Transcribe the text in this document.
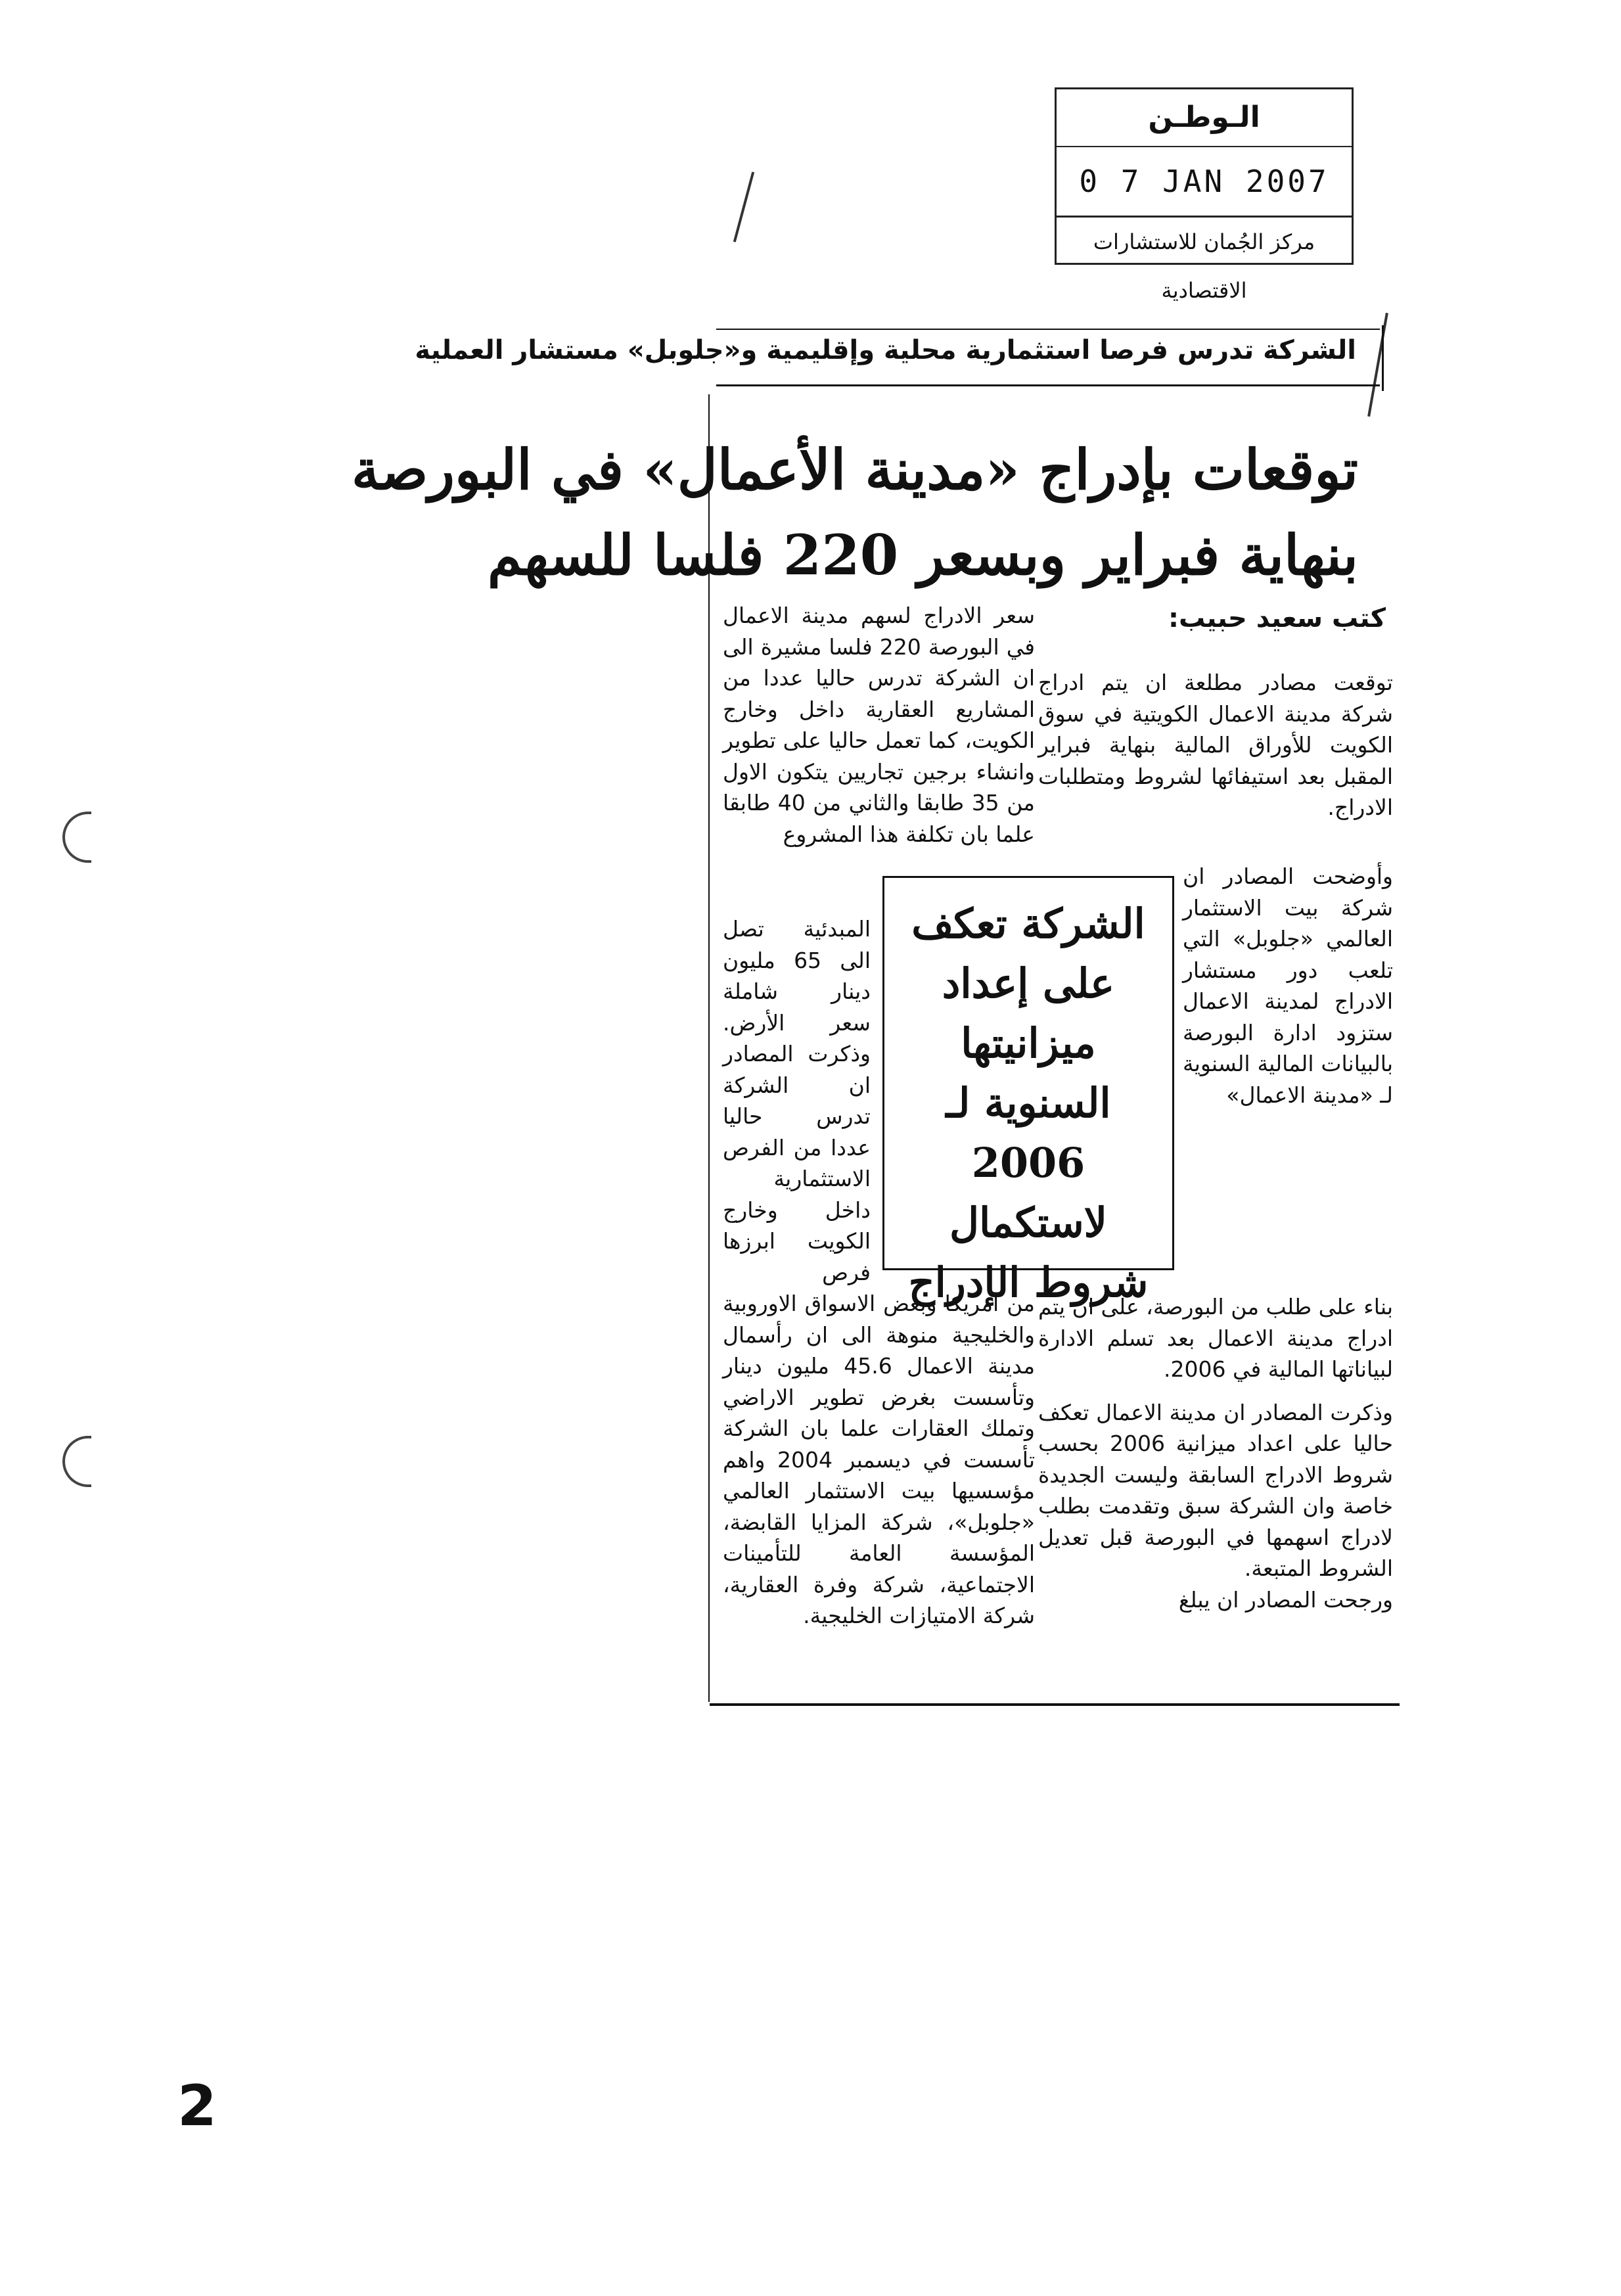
الـوطـن
0 7 JAN 2007
مركز الجُمان للاستشارات الاقتصادية
الشركة تدرس فرصا استثمارية محلية وإقليمية و«جلوبل» مستشار العملية
توقعات بإدراج «مدينة الأعمال» في البورصة
بنهاية فبراير وبسعر 220 فلسا للسهم
كتب سعيد حبيب:

توقعت مصادر مطلعة ان يتم ادراج شركة مدينة الاعمال الكويتية في سوق الكويت للأوراق المالية بنهاية فبراير المقبل بعد استيفائها لشروط ومتطلبات الادراج.

وأوضحت المصادر ان شركة بيت الاستثمار العالمي «جلوبل» التي تلعب دور مستشار الادراج لمدينة الاعمال ستزود ادارة البورصة بالبيانات المالية السنوية لـ «مدينة الاعمال»

بناء على طلب من البورصة، على ان يتم ادراج مدينة الاعمال بعد تسلم الادارة لبياناتها المالية في 2006.

وذكرت المصادر ان مدينة الاعمال تعكف حاليا على اعداد ميزانية 2006 بحسب شروط الادراج السابقة وليست الجديدة خاصة وان الشركة سبق وتقدمت بطلب لادراج اسهمها في البورصة قبل تعديل الشروط المتبعة.

ورجحت المصادر ان يبلغ

سعر الادراج لسهم مدينة الاعمال في البورصة 220 فلسا مشيرة الى ان الشركة تدرس حاليا عددا من المشاريع العقارية داخل وخارج الكويت، كما تعمل حاليا على تطوير وانشاء برجين تجاريين يتكون الاول من 35 طابقا والثاني من 40 طابقا علما بان تكلفة هذا المشروع

المبدئية تصل الى 65 مليون دينار شاملة سعر الأرض. وذكرت المصادر ان الشركة تدرس حاليا عددا من الفرص الاستثمارية داخل وخارج الكويت ابرزها فرص

من امريكا وبعض الاسواق الاوروبية والخليجية منوهة الى ان رأسمال مدينة الاعمال 45.6 مليون دينار وتأسست بغرض تطوير الاراضي وتملك العقارات علما بان الشركة تأسست في ديسمبر 2004 واهم مؤسسيها بيت الاستثمار العالمي «جلوبل»، شركة المزايا القابضة، المؤسسة العامة للتأمينات الاجتماعية، شركة وفرة العقارية، شركة الامتيازات الخليجية.

الشركة تعكف على إعداد ميزانيتها السنوية لـ 2006 لاستكمال شروط الإدراج
2
